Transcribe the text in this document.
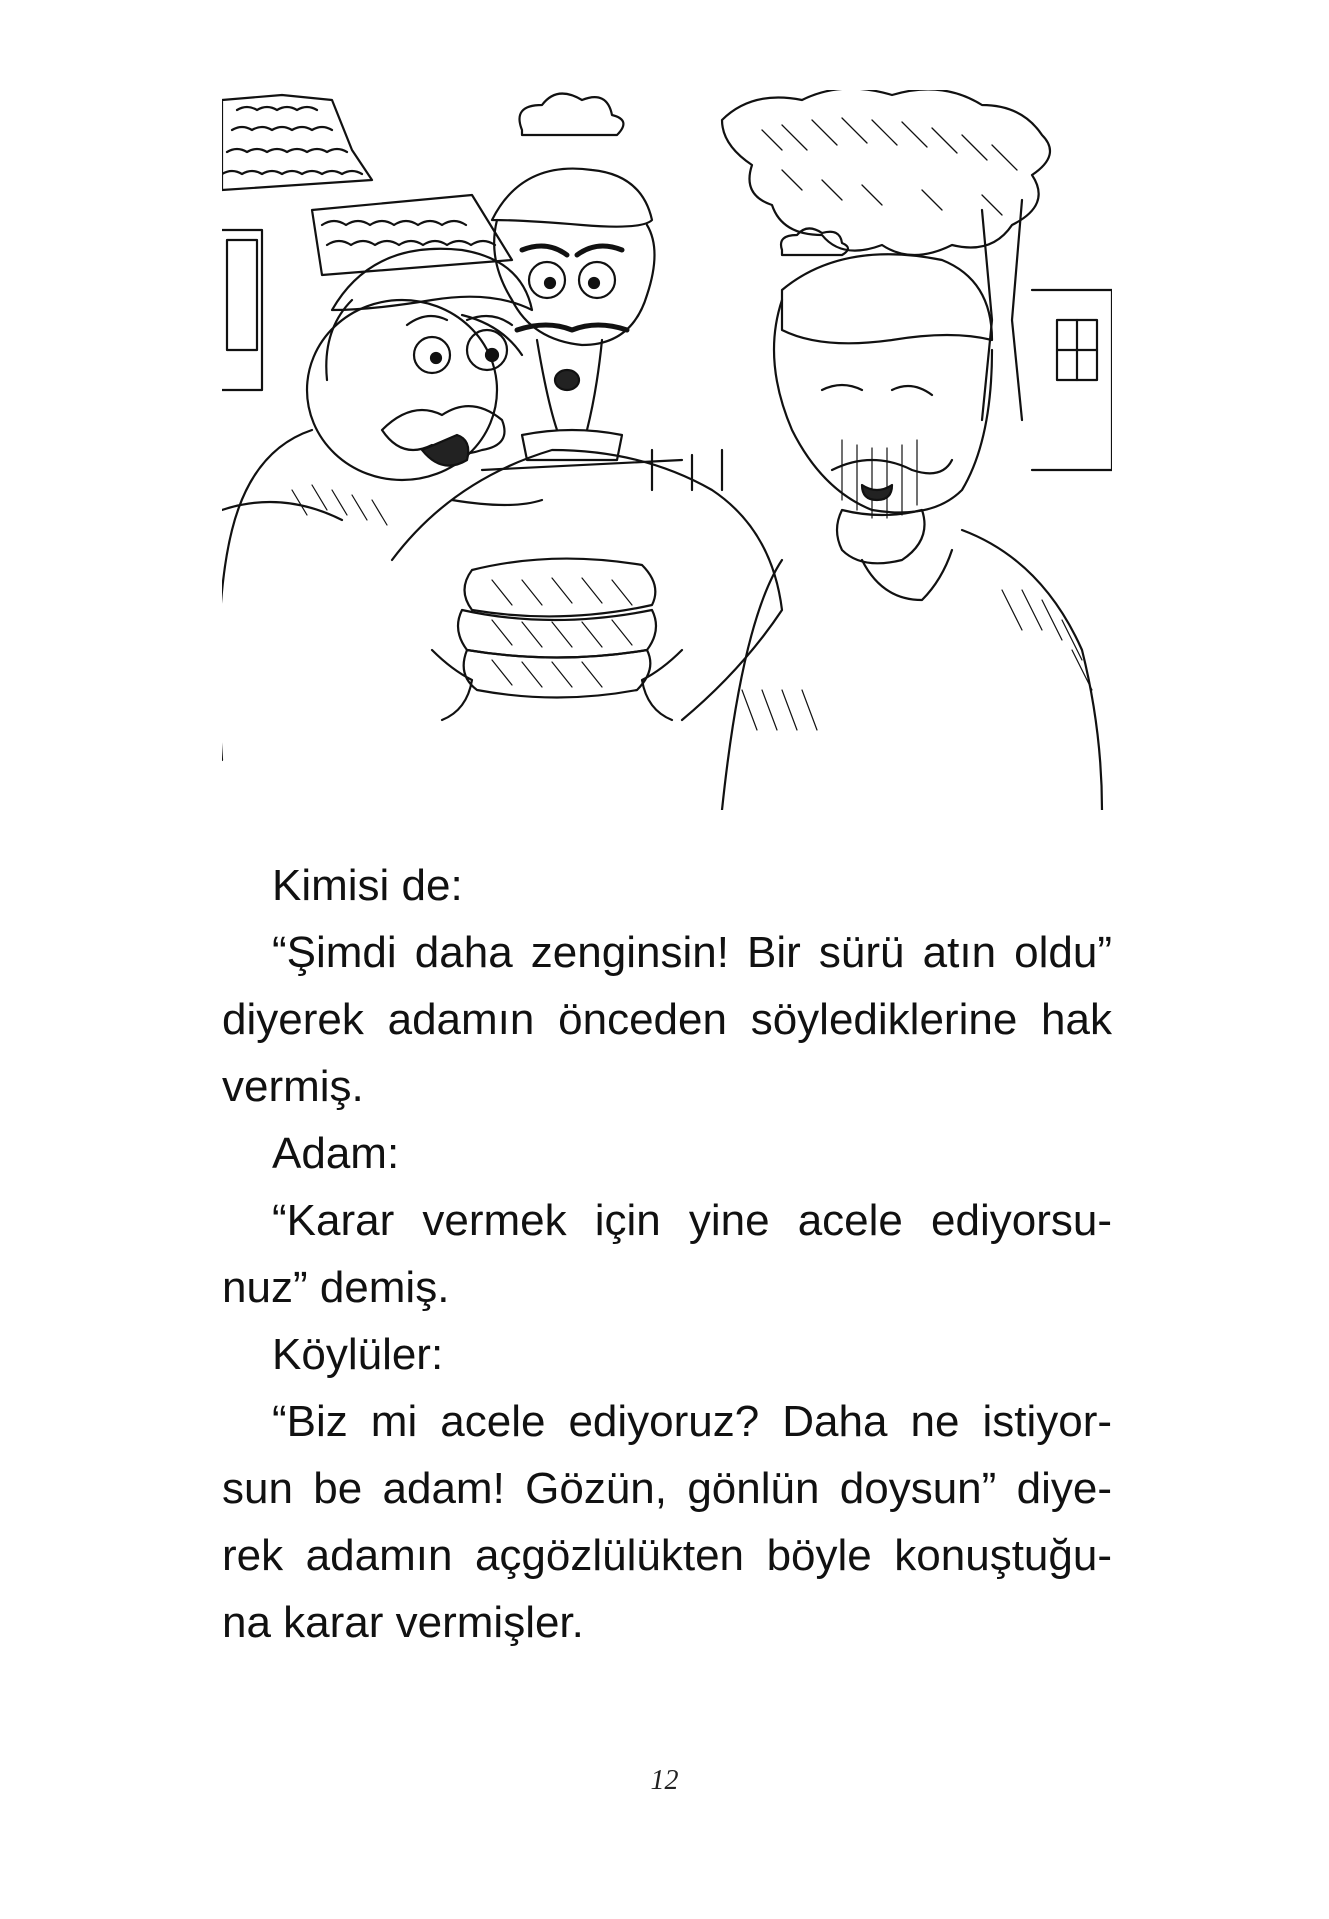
Kimisi de:

“Şimdi daha zenginsin! Bir sürü atın oldu”
diyerek adamın önceden söylediklerine hak
vermiş.

Adam:

“Karar vermek için yine acele ediyorsu-
nuz” demiş.

Köylüler:

“Biz mi acele ediyoruz? Daha ne istiyor-
sun be adam! Gözün, gönlün doysun” diye-
rek adamın açgözlülükten böyle konuştuğu-
na karar vermişler.

12
